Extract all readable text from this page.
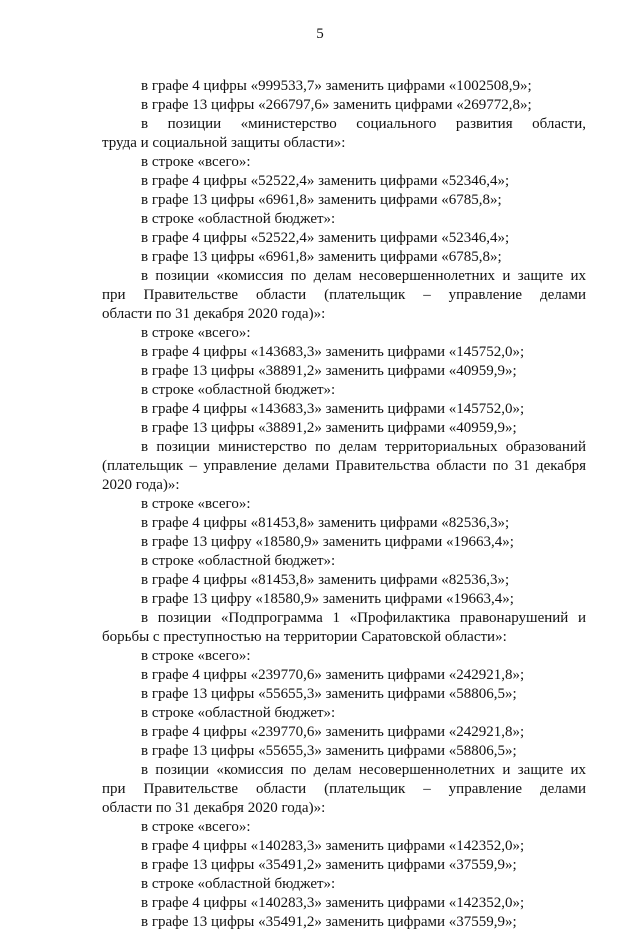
5
в графе 4 цифры «999533,7» заменить цифрами «1002508,9»;
в графе 13 цифры «266797,6» заменить цифрами «269772,8»;
в позиции «министерство социального развития области,
труда и социальной защиты области»:
в строке «всего»:
в графе 4 цифры «52522,4» заменить цифрами «52346,4»;
в графе 13 цифры «6961,8» заменить цифрами «6785,8»;
в строке «областной бюджет»:
в графе 4 цифры «52522,4» заменить цифрами «52346,4»;
в графе 13 цифры «6961,8» заменить цифрами «6785,8»;
в позиции «комиссия по делам несовершеннолетних и защите их
при Правительстве области (плательщик – управление делами
области по 31 декабря 2020 года)»:
в строке «всего»:
в графе 4 цифры «143683,3» заменить цифрами «145752,0»;
в графе 13 цифры «38891,2» заменить цифрами «40959,9»;
в строке «областной бюджет»:
в графе 4 цифры «143683,3» заменить цифрами «145752,0»;
в графе 13 цифры «38891,2» заменить цифрами «40959,9»;
в позиции министерство по делам территориальных образований
(плательщик – управление делами Правительства области по 31 декабря
2020 года)»:
в строке «всего»:
в графе 4 цифры «81453,8» заменить цифрами «82536,3»;
в графе 13 цифру «18580,9» заменить цифрами «19663,4»;
в строке «областной бюджет»:
в графе 4 цифры «81453,8» заменить цифрами «82536,3»;
в графе 13 цифру «18580,9» заменить цифрами «19663,4»;
в позиции «Подпрограмма 1 «Профилактика правонарушений и
борьбы с преступностью на территории Саратовской области»:
в строке «всего»:
в графе 4 цифры «239770,6» заменить цифрами «242921,8»;
в графе 13 цифры «55655,3» заменить цифрами «58806,5»;
в строке «областной бюджет»:
в графе 4 цифры «239770,6» заменить цифрами «242921,8»;
в графе 13 цифры «55655,3» заменить цифрами «58806,5»;
в позиции «комиссия по делам несовершеннолетних и защите их
при Правительстве области (плательщик – управление делами
области по 31 декабря 2020 года)»:
в строке «всего»:
в графе 4 цифры «140283,3» заменить цифрами «142352,0»;
в графе 13 цифры «35491,2» заменить цифрами «37559,9»;
в строке «областной бюджет»:
в графе 4 цифры «140283,3» заменить цифрами «142352,0»;
в графе 13 цифры «35491,2» заменить цифрами «37559,9»;
